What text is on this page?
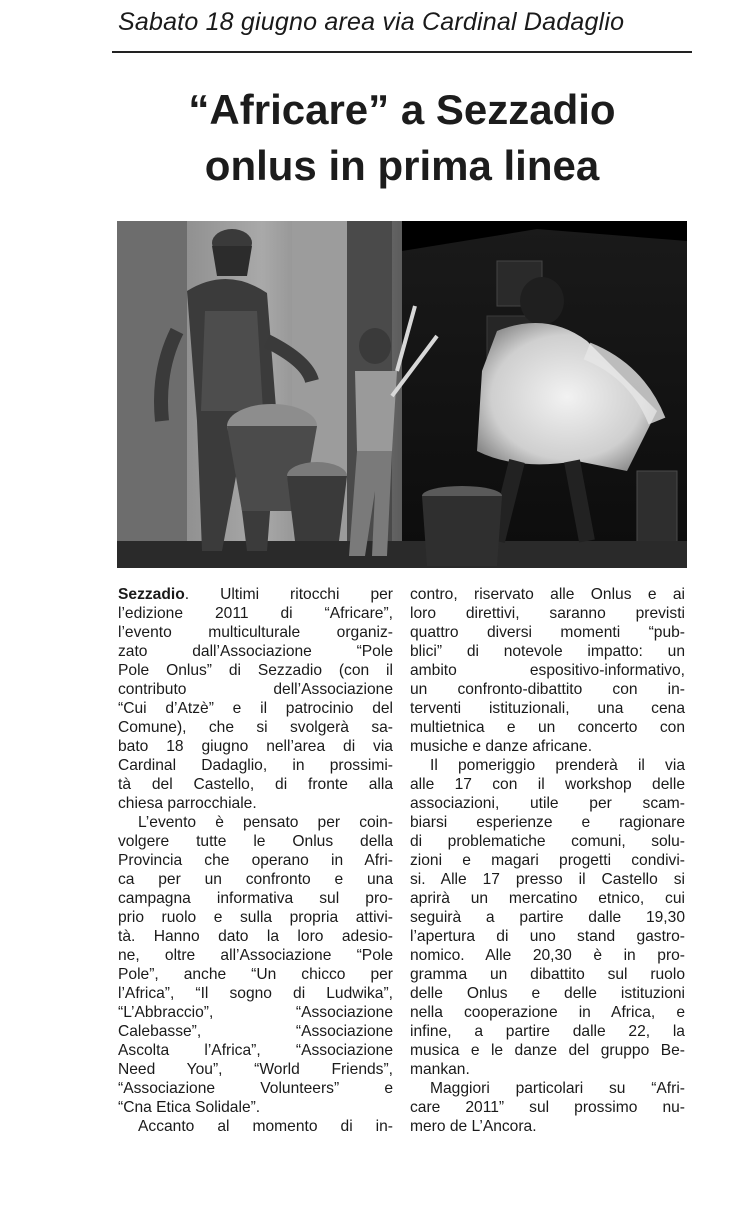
Sabato 18 giugno area via Cardinal Dadaglio
“Africare” a Sezzadio
onlus in prima linea
Sezzadio. Ultimi ritocchi per
l’edizione 2011 di “Africare”,
l’evento multiculturale organiz-
zato dall’Associazione “Pole
Pole Onlus” di Sezzadio (con il
contributo dell’Associazione
“Cui d’Atzè” e il patrocinio del
Comune), che si svolgerà sa-
bato 18 giugno nell’area di via
Cardinal Dadaglio, in prossimi-
tà del Castello, di fronte alla
chiesa parrocchiale.
L’evento è pensato per coin-
volgere tutte le Onlus della
Provincia che operano in Afri-
ca per un confronto e una
campagna informativa sul pro-
prio ruolo e sulla propria attivi-
tà. Hanno dato la loro adesio-
ne, oltre all’Associazione “Pole
Pole”, anche “Un chicco per
l’Africa”, “Il sogno di Ludwika”,
“L’Abbraccio”, “Associazione
Calebasse”, “Associazione
Ascolta l’Africa”, “Associazione
Need You”, “World Friends”,
“Associazione Volunteers” e
“Cna Etica Solidale”.
Accanto al momento di in-
contro, riservato alle Onlus e ai
loro direttivi, saranno previsti
quattro diversi momenti “pub-
blici” di notevole impatto: un
ambito espositivo-informativo,
un confronto-dibattito con in-
terventi istituzionali, una cena
multietnica e un concerto con
musiche e danze africane.
Il pomeriggio prenderà il via
alle 17 con il workshop delle
associazioni, utile per scam-
biarsi esperienze e ragionare
di problematiche comuni, solu-
zioni e magari progetti condivi-
si. Alle 17 presso il Castello si
aprirà un mercatino etnico, cui
seguirà a partire dalle 19,30
l’apertura di uno stand gastro-
nomico. Alle 20,30 è in pro-
gramma un dibattito sul ruolo
delle Onlus e delle istituzioni
nella cooperazione in Africa, e
infine, a partire dalle 22, la
musica e le danze del gruppo Be-
mankan.
Maggiori particolari su “Afri-
care 2011” sul prossimo nu-
mero de L’Ancora.
